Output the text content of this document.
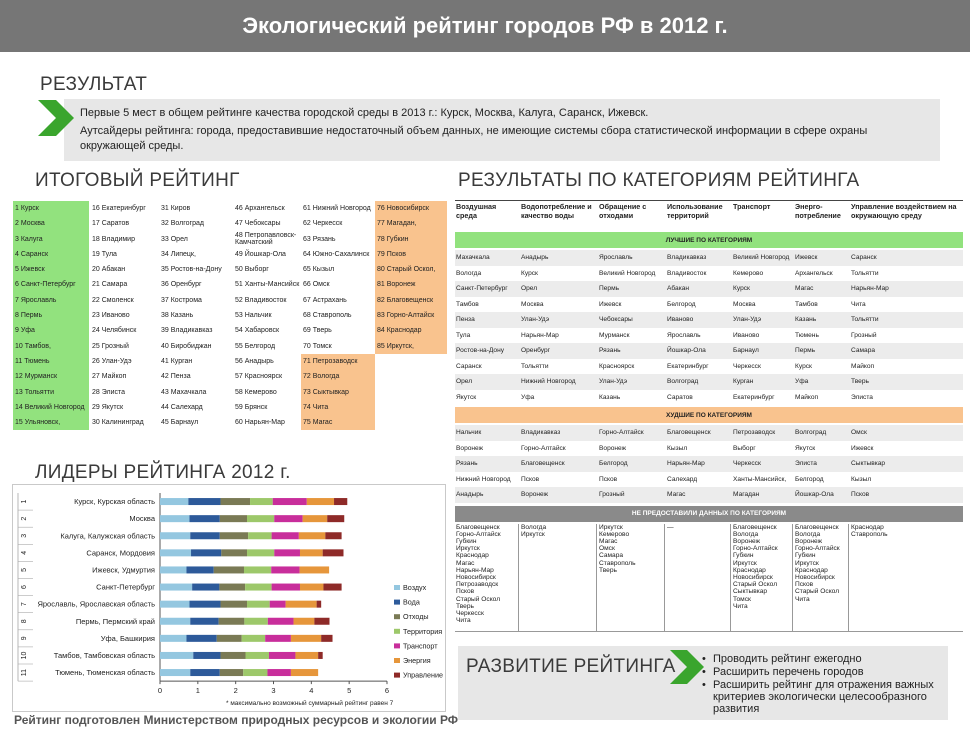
Экологический рейтинг городов РФ в 2012 г.
РЕЗУЛЬТАТ

Первые 5 мест в общем рейтинге качества городской среды в 2013 г.: Курск, Москва, Калуга, Саранск, Ижевск.

Аутсайдеры рейтинга: города, предоставившие недостаточный объем данных, не имеющие системы сбора статистической информации в сфере охраны окружающей среды.

ИТОГОВЫЙ РЕЙТИНГ
1 Курск
2 Москва
3 Калуга
4 Саранск
5 Ижевск
6 Санкт-Петербург
7 Ярославль
8 Пермь
9 Уфа
10 Тамбов,
11 Тюмень
12 Мурманск
13 Тольятти
14 Великий Новгород
15 Ульяновск,
16 Екатеринбург
17 Саратов
18 Владимир
19 Тула
20 Абакан
21 Самара
22 Смоленск
23 Иваново
24 Челябинск
25 Грозный
26 Улан-Удэ
27 Майкоп
28 Элиста
29 Якутск
30 Калининград
31 Киров
32 Волгоград
33 Орел
34 Липецк,
35 Ростов-на-Дону
36 Оренбург
37 Кострома
38 Казань
39 Владикавказ
40 Биробиджан
41 Курган
42 Пенза
43 Махачкала
44 Салехард
45 Барнаул
46 Архангельск
47 Чебоксары
48 Петропавловск-Камчатский
49 Йошкар-Ола
50 Выборг
51 Ханты-Мансийск
52 Владивосток
53 Нальчик
54 Хабаровск
55 Белгород
56 Анадырь
57 Красноярск
58 Кемерово
59 Брянск
60 Нарьян-Мар
61 Нижний Новгород
62 Черкесск
63 Рязань
64 Южно-Сахалинск
65 Кызыл
66 Омск
67 Астрахань
68 Ставрополь
69 Тверь
70 Томск
71 Петрозаводск
72 Вологда
73 Сыктывкар
74 Чита
75 Магас
76 Новосибирск
77 Магадан,
78 Губкин
79 Псков
80 Старый Оскол,
81 Воронеж
82 Благовещенск
83 Горно-Алтайск
84 Краснодар
85 Иркутск,
РЕЗУЛЬТАТЫ ПО КАТЕГОРИЯМ РЕЙТИНГА
Воздушная среда
Водопотребление и качество воды
Обращение с отходами
Использование территорий
Транспорт	Энерго-потребление
Управление воздействием на окружающую среду
ЛУЧШИЕ ПО КАТЕГОРИЯМ
Махачкала	Анадырь	Ярославль	Владикавказ	Великий Новгород Ижевск	Саранск
Вологда	Курск	Великий Новгород	Владивосток	Кемерово	Архангельск	Тольятти
Санкт-Петербург	Орел	Пермь	Абакан	Курск	Магас	Нарьян-Мар
Тамбов	Москва	Ижевск	Белгород	Москва	Тамбов	Чита
Пенза	Улан-Удэ	Чебоксары	Иваново	Улан-Удэ	Казань	Тольятти
Тула	Нарьян-Мар	Мурманск	Ярославль	Иваново	Тюмень	Грозный
Ростов-на-Дону	Оренбург	Рязань	Йошкар-Ола	Барнаул	Пермь	Самара
Саранск	Тольятти	Красноярск	Екатеринбург	Черкесск	Курск	Майкоп
Орел	Нижний Новгород	Улан-Удэ	Волгоград	Курган	Уфа	Тверь
Якутск	Уфа	Казань	Саратов	Екатеринбург	Майкоп	Элиста
ХУДШИЕ ПО КАТЕГОРИЯМ
Нальчик	Владикавказ	Горно-Алтайск	Благовещенск	Петрозаводск	Волгоград	Омск
Воронеж	Горно-Алтайск	Воронеж	Кызыл	Выборг	Якутск	Ижевск
Рязань	Благовещенск	Белгород	Нарьян-Мар	Черкесск	Элиста	Сыктывкар
Нижний Новгород	Псков	Псков	Салехард	Ханты-Мансийск,	Белгород	Кызыл
Анадырь	Воронеж	Грозный	Магас	Магадан	Йошкар-Ола	Псков
НЕ ПРЕДОСТАВИЛИ ДАННЫХ ПО КАТЕГОРИЯМ
Благовещенск
Горно-Алтайск
Губкин
Иркутск
Краснодар
Магас
Нарьян-Мар
Новосибирск
Петрозаводск
Псков
Старый Оскол
Тверь
Черкесск
Чита
Вологда
Иркутск
Иркутск
Кемерово
Магас
Омск
Самара
Ставрополь
Тверь
—	Благовещенск
Вологда
Воронеж
Горно-Алтайск
Губкин
Иркутск
Краснодар
Новосибирск
Старый Оскол
Сыктывкар
Томск
Чита
Благовещенск
Вологда
Воронеж
Горно-Алтайск
Губкин
Иркутск
Краснодар
Новосибирск
Псков
Старый Оскол
Чита
Краснодар
Ставрополь
ЛИДЕРЫ РЕЙТИНГА 2012 г.
Курск, Курская область
1
Москва
2
Калуга, Калужская область
3
Саранск, Мордовия
4
Ижевск, Удмуртия
5
Санкт-Петербург
6
Ярославль, Ярославская область
7
Пермь, Пермский край
8
Уфа, Башкирия
9
Тамбов, Тамбовская область
10
Тюмень, Тюменская область
11
0	1	2	3	4	5	6
* максимально возможный суммарный рейтинг равен 7
Воздух
Вода
Отходы
Территория
Транспорт
Энергия
Управление РАЗВИТИЕ РЕЙТИНГА
•	Проводить рейтинг ежегодно
• Расширить перечень городов
• Расширить рейтинг для отражения важных критериев экологически целесообразного развития
Рейтинг подготовлен Министерством природных ресурсов и экологии РФ
